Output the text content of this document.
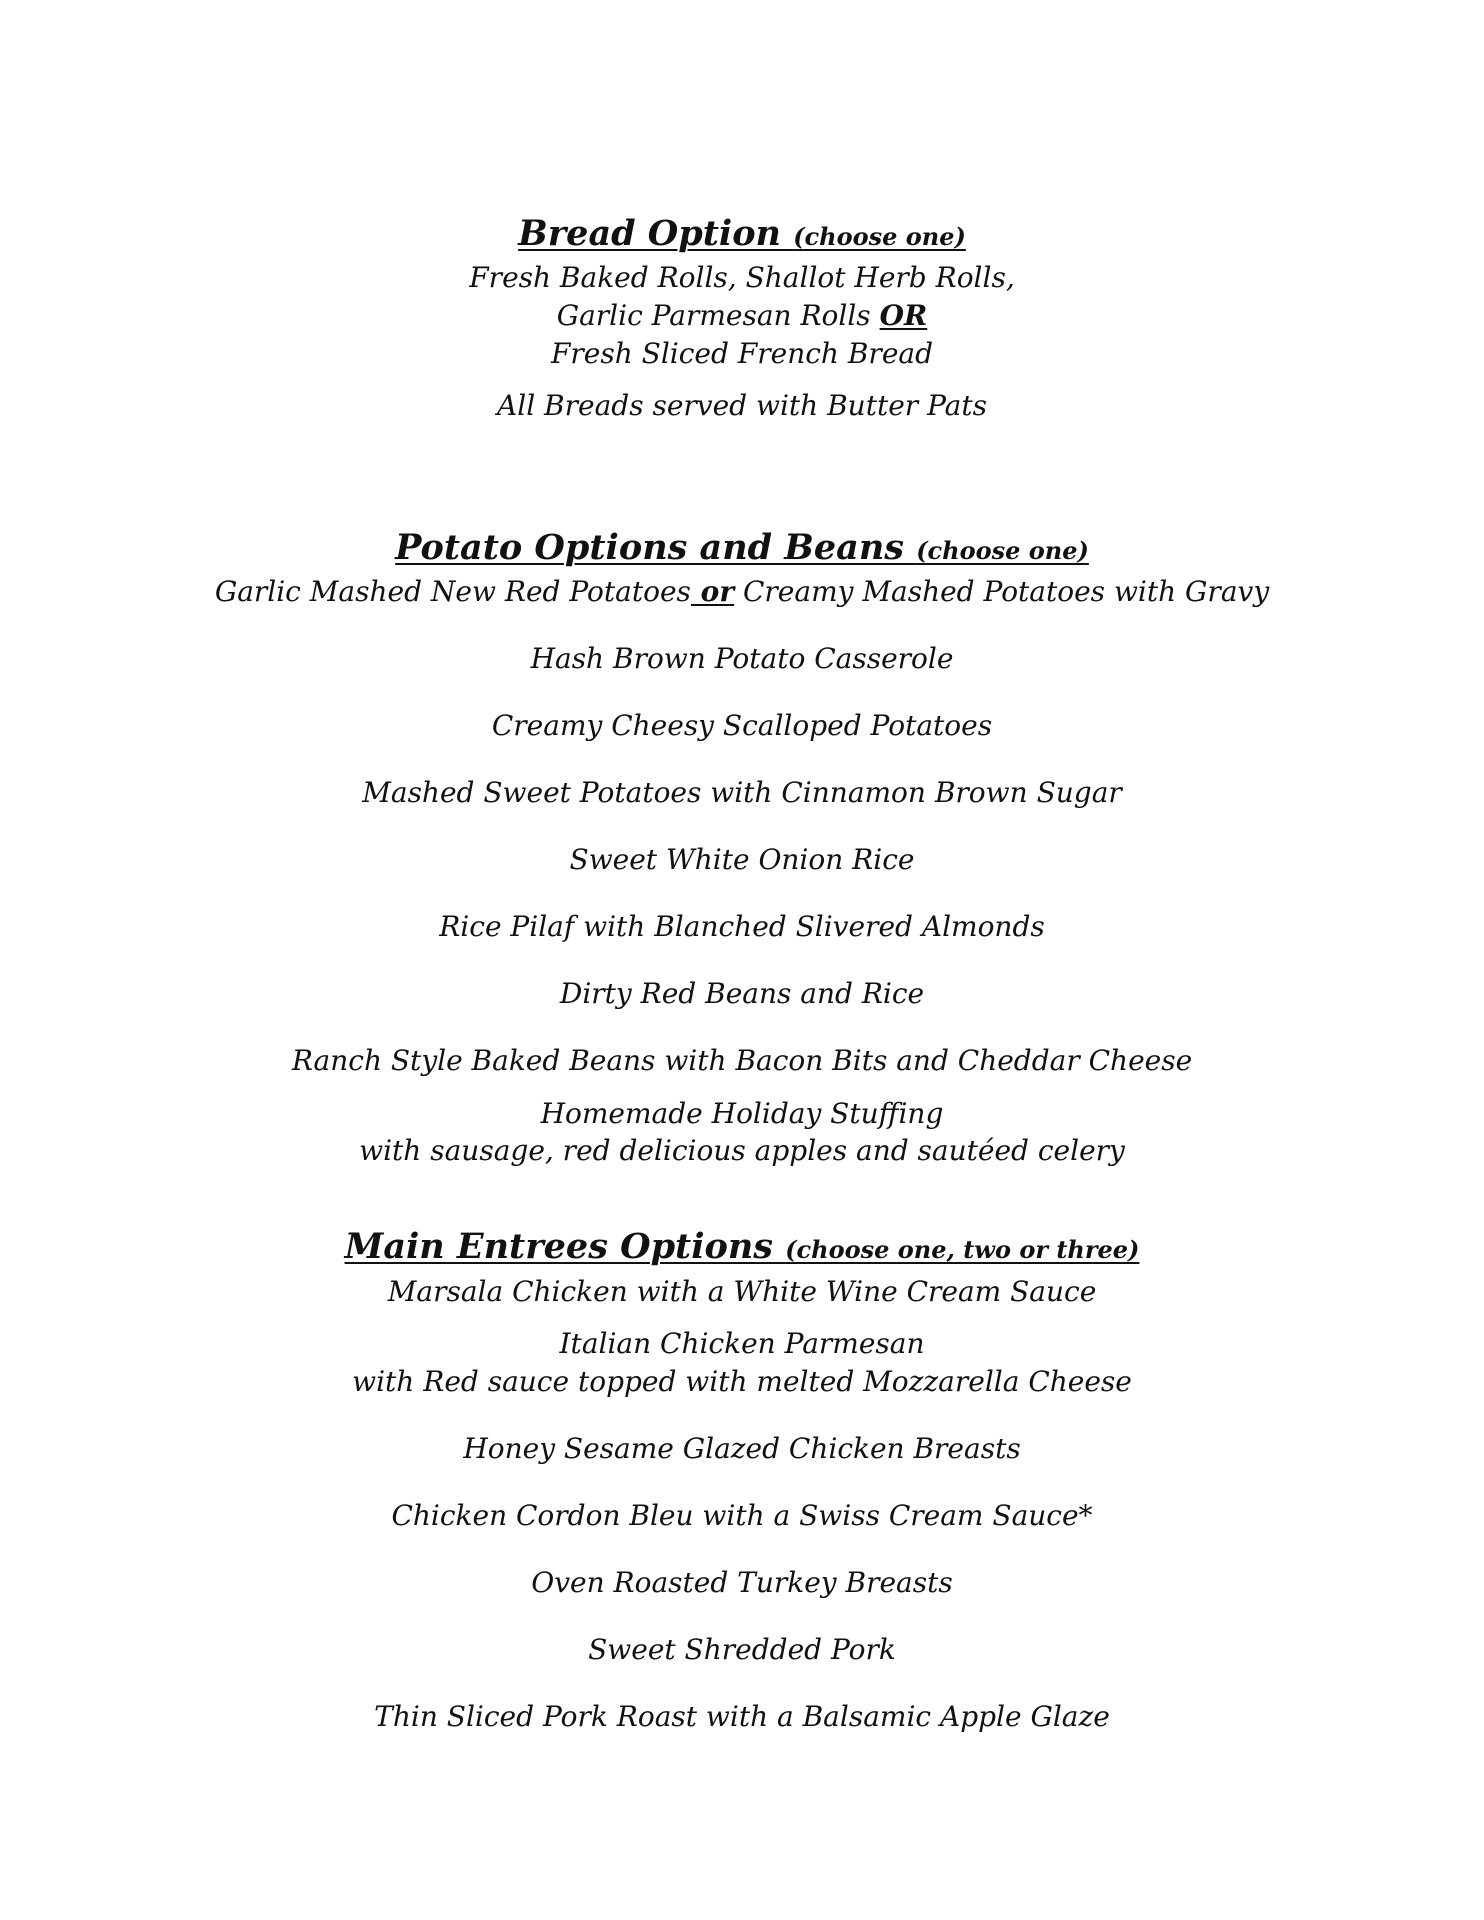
Bread Option (choose one)
Fresh Baked Rolls, Shallot Herb Rolls,
Garlic Parmesan Rolls OR
Fresh Sliced French Bread
All Breads served with Butter Pats
Potato Options and Beans (choose one)
Garlic Mashed New Red Potatoes or Creamy Mashed Potatoes with Gravy
Hash Brown Potato Casserole
Creamy Cheesy Scalloped Potatoes
Mashed Sweet Potatoes with Cinnamon Brown Sugar
Sweet White Onion Rice
Rice Pilaf with Blanched Slivered Almonds
Dirty Red Beans and Rice
Ranch Style Baked Beans with Bacon Bits and Cheddar Cheese
Homemade Holiday Stuffing
with sausage, red delicious apples and sautéed celery
Main Entrees Options (choose one, two or three)
Marsala Chicken with a White Wine Cream Sauce
Italian Chicken Parmesan
with Red sauce topped with melted Mozzarella Cheese
Honey Sesame Glazed Chicken Breasts
Chicken Cordon Bleu with a Swiss Cream Sauce*
Oven Roasted Turkey Breasts
Sweet Shredded Pork
Thin Sliced Pork Roast with a Balsamic Apple Glaze
